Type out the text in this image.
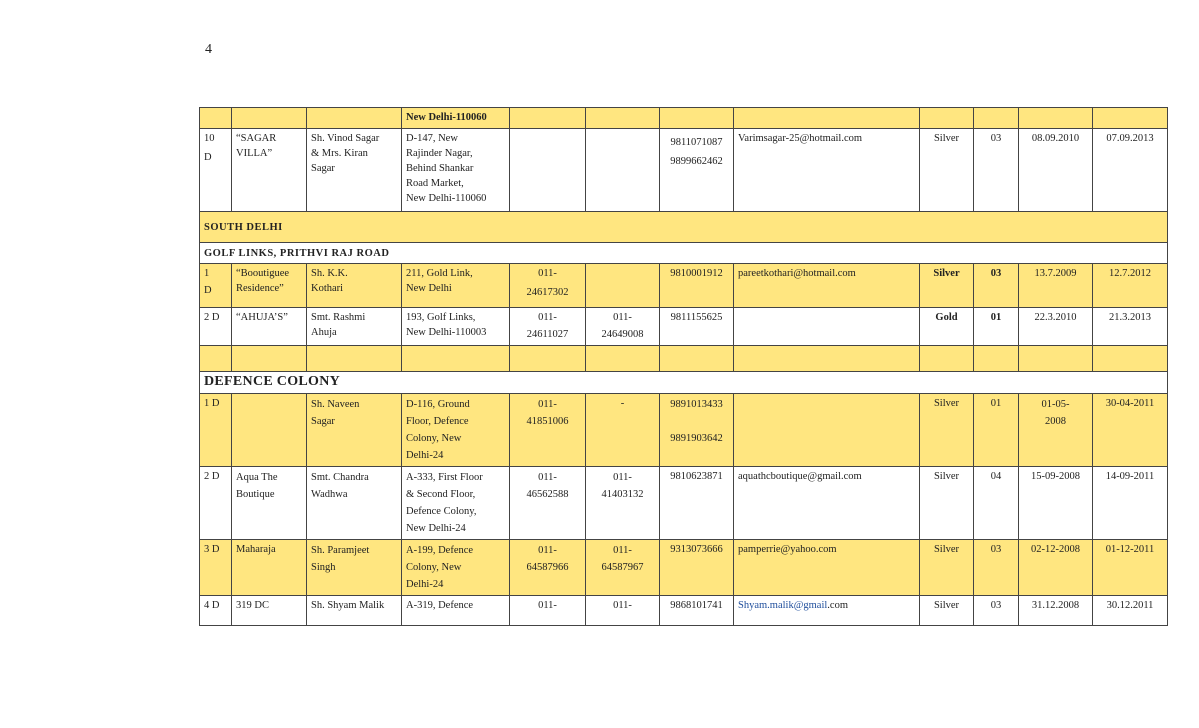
4
			New Delhi-110060								

10
D	“SAGAR
VILLA”	Sh. Vinod Sagar
& Mrs. Kiran
Sagar	D-147, New
Rajinder Nagar,
Behind Shankar
Road Market,
New Delhi-110060			9811071087
9899662462	Varimsagar-25@hotmail.com	Silver	03	08.09.2010	07.09.2013
SOUTH DELHI											
GOLF LINKS, PRITHVI RAJ ROAD											

1
D	“Booutiguee
Residence”	Sh. K.K.
Kothari	211, Gold Link,
New Delhi	011-
24617302		9810001912	pareetkothari@hotmail.com	Silver	03	13.7.2009	12.7.2012
2 D	“AHUJA’S”	Smt. Rashmi
Ahuja	193, Golf Links,
New Delhi-110003	011-
24611027	011-
24649008	9811155625		Gold	01	22.3.2010	21.3.2013

DEFENCE COLONY											
1 D		Sh. Naveen
Sagar	D-116, Ground
Floor, Defence
Colony, New
Delhi-24	011-
41851006	-	9891013433

9891903642		Silver	01	01-05-
2008	30-04-2011
2 D	Aqua The
Boutique	Smt. Chandra
Wadhwa	A-333, First Floor
& Second Floor,
Defence Colony,
New Delhi-24	011-
46562588	011-
41403132	9810623871	aquathcboutique@gmail.com	Silver	04	15-09-2008	14-09-2011
3 D	Maharaja	Sh. Paramjeet
Singh	A-199, Defence
Colony, New
Delhi-24	011-
64587966	011-
64587967	9313073666	pamperrie@yahoo.com	Silver	03	02-12-2008	01-12-2011
4 D	319 DC	Sh. Shyam Malik	A-319, Defence	011-	011-	9868101741	Shyam.malik@gmail.com	Silver	03	31.12.2008	30.12.2011
